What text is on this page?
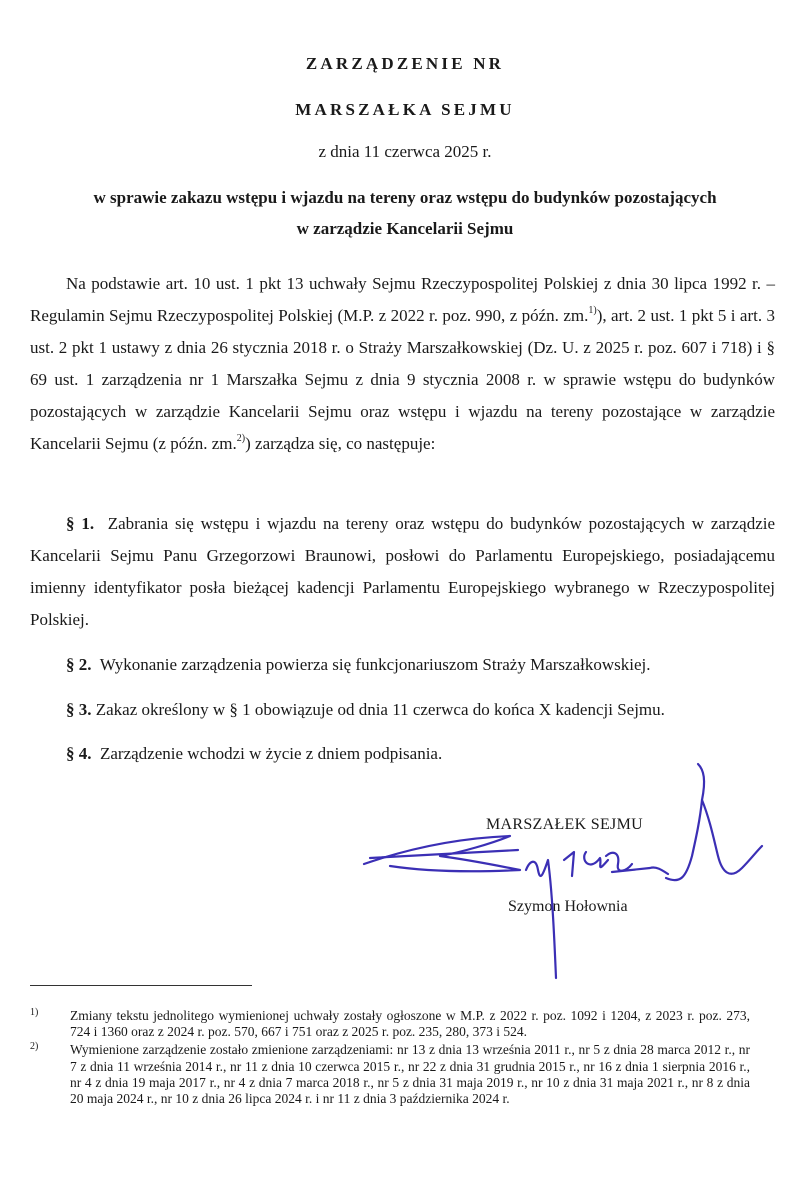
ZARZĄDZENIE NR
MARSZAŁKA SEJMU
z dnia 11 czerwca 2025 r.
w sprawie zakazu wstępu i wjazdu na tereny oraz wstępu do budynków pozostających
w zarządzie Kancelarii Sejmu
Na podstawie art. 10 ust. 1 pkt 13 uchwały Sejmu Rzeczypospolitej Polskiej z dnia 30 lipca 1992 r. – Regulamin Sejmu Rzeczypospolitej Polskiej (M.P. z 2022 r. poz. 990, z późn. zm.$^{1)}$), art. 2 ust. 1 pkt 5 i art. 3 ust. 2 pkt 1 ustawy z dnia 26 stycznia 2018 r. o Straży Marszałkowskiej (Dz. U. z 2025 r. poz. 607 i 718) i § 69 ust. 1 zarządzenia nr 1 Marszałka Sejmu z dnia 9 stycznia 2008 r. w sprawie wstępu do budynków pozostających w zarządzie Kancelarii Sejmu oraz wstępu i wjazdu na tereny pozostające w zarządzie Kancelarii Sejmu (z późn. zm.$^{2)}$) zarządza się, co następuje:
§ 1. Zabrania się wstępu i wjazdu na tereny oraz wstępu do budynków pozostających w zarządzie Kancelarii Sejmu Panu Grzegorzowi Braunowi, posłowi do Parlamentu Europejskiego, posiadającemu imienny identyfikator posła bieżącej kadencji Parlamentu Europejskiego wybranego w Rzeczypospolitej Polskiej.
§ 2. Wykonanie zarządzenia powierza się funkcjonariuszom Straży Marszałkowskiej.
§ 3. Zakaz określony w § 1 obowiązuje od dnia 11 czerwca do końca X kadencji Sejmu.
§ 4. Zarządzenie wchodzi w życie z dniem podpisania.
MARSZAŁEK SEJMU
Szymon Hołownia
1) Zmiany tekstu jednolitego wymienionej uchwały zostały ogłoszone w M.P. z 2022 r. poz. 1092 i 1204, z 2023 r. poz. 273, 724 i 1360 oraz z 2024 r. poz. 570, 667 i 751 oraz z 2025 r. poz. 235, 280, 373 i 524.
2) Wymienione zarządzenie zostało zmienione zarządzeniami: nr 13 z dnia 13 września 2011 r., nr 5 z dnia 28 marca 2012 r., nr 7 z dnia 11 września 2014 r., nr 11 z dnia 10 czerwca 2015 r., nr 22 z dnia 31 grudnia 2015 r., nr 16 z dnia 1 sierpnia 2016 r., nr 4 z dnia 19 maja 2017 r., nr 4 z dnia 7 marca 2018 r., nr 5 z dnia 31 maja 2019 r., nr 10 z dnia 31 maja 2021 r., nr 8 z dnia 20 maja 2024 r., nr 10 z dnia 26 lipca 2024 r. i nr 11 z dnia 3 października 2024 r.
